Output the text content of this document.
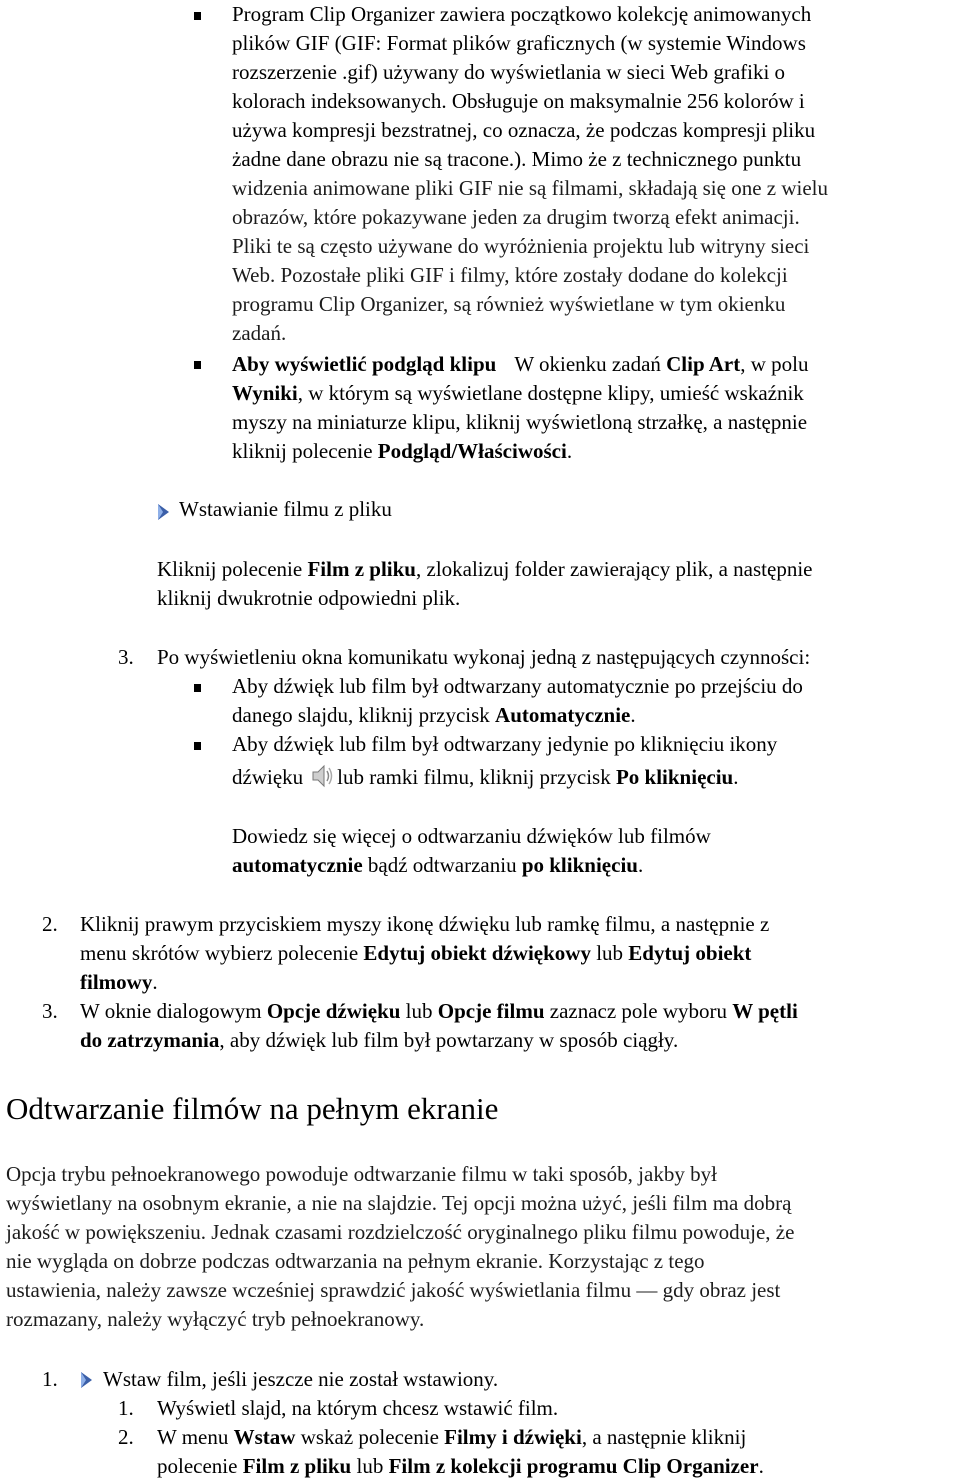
Program Clip Organizer zawiera początkowo kolekcję animowanych

plików GIF (GIF: Format plików graficznych (w systemie Windows

rozszerzenie .gif) używany do wyświetlania w sieci Web grafiki o

kolorach indeksowanych. Obsługuje on maksymalnie 256 kolorów i

używa kompresji bezstratnej, co oznacza, że podczas kompresji pliku

żadne dane obrazu nie są tracone.). Mimo że z technicznego punktu

widzenia animowane pliki GIF nie są filmami, składają się one z wielu

obrazów, które pokazywane jeden za drugim tworzą efekt animacji.

Pliki te są często używane do wyróżnienia projektu lub witryny sieci

Web. Pozostałe pliki GIF i filmy, które zostały dodane do kolekcji

programu Clip Organizer, są również wyświetlane w tym okienku

zadań.

Aby wyświetlić podgląd klipu W okienku zadań Clip Art, w polu

Wyniki, w którym są wyświetlane dostępne klipy, umieść wskaźnik

myszy na miniaturze klipu, kliknij wyświetloną strzałkę, a następnie

kliknij polecenie Podgląd/Właściwości.

Wstawianie filmu z pliku

Kliknij polecenie Film z pliku, zlokalizuj folder zawierający plik, a następnie

kliknij dwukrotnie odpowiedni plik.

3. Po wyświetleniu okna komunikatu wykonaj jedną z następujących czynności:

Aby dźwięk lub film był odtwarzany automatycznie po przejściu do

danego slajdu, kliknij przycisk Automatycznie.

Aby dźwięk lub film był odtwarzany jedynie po kliknięciu ikony

dźwięku lub ramki filmu, kliknij przycisk Po kliknięciu.

Dowiedz się więcej o odtwarzaniu dźwięków lub filmów

automatycznie bądź odtwarzaniu po kliknięciu.

2. Kliknij prawym przyciskiem myszy ikonę dźwięku lub ramkę filmu, a następnie z

menu skrótów wybierz polecenie Edytuj obiekt dźwiękowy lub Edytuj obiekt

filmowy.

3. W oknie dialogowym Opcje dźwięku lub Opcje filmu zaznacz pole wyboru W pętli

do zatrzymania, aby dźwięk lub film był powtarzany w sposób ciągły.

Odtwarzanie filmów na pełnym ekranie

Opcja trybu pełnoekranowego powoduje odtwarzanie filmu w taki sposób, jakby był

wyświetlany na osobnym ekranie, a nie na slajdzie. Tej opcji można użyć, jeśli film ma dobrą

jakość w powiększeniu. Jednak czasami rozdzielczość oryginalnego pliku filmu powoduje, że

nie wygląda on dobrze podczas odtwarzania na pełnym ekranie. Korzystając z tego

ustawienia, należy zawsze wcześniej sprawdzić jakość wyświetlania filmu — gdy obraz jest

rozmazany, należy wyłączyć tryb pełnoekranowy.

1. Wstaw film, jeśli jeszcze nie został wstawiony.

1. Wyświetl slajd, na którym chcesz wstawić film.

2. W menu Wstaw wskaż polecenie Filmy i dźwięki, a następnie kliknij

polecenie Film z pliku lub Film z kolekcji programu Clip Organizer.
